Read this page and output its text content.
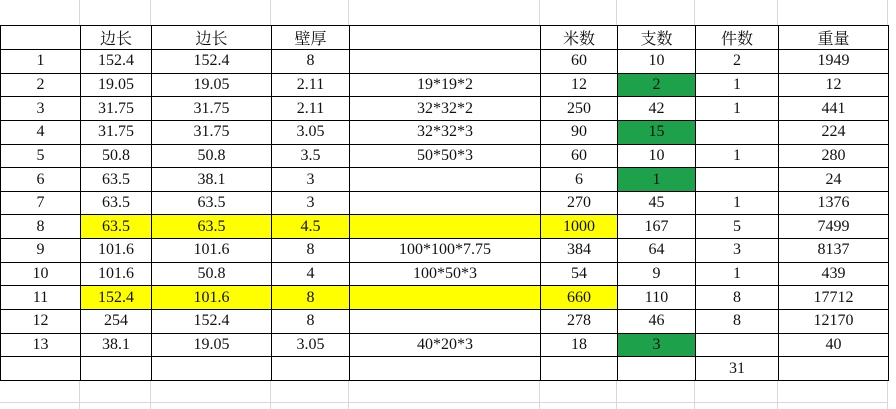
	边长	边长	壁厚		米数	支数	件数	重量
1	152.4	152.4	8		60	10	2	1949
2	19.05	19.05	2.11	19*19*2	12	2	1	12
3	31.75	31.75	2.11	32*32*2	250	42	1	441
4	31.75	31.75	3.05	32*32*3	90	15		224
5	50.8	50.8	3.5	50*50*3	60	10	1	280
6	63.5	38.1	3		6	1		24
7	63.5	63.5	3		270	45	1	1376
8	63.5	63.5	4.5		1000	167	5	7499
9	101.6	101.6	8	100*100*7.75	384	64	3	8137
10	101.6	50.8	4	100*50*3	54	9	1	439
11	152.4	101.6	8		660	110	8	17712
12	254	152.4	8		278	46	8	12170
13	38.1	19.05	3.05	40*20*3	18	3		40
							31	
